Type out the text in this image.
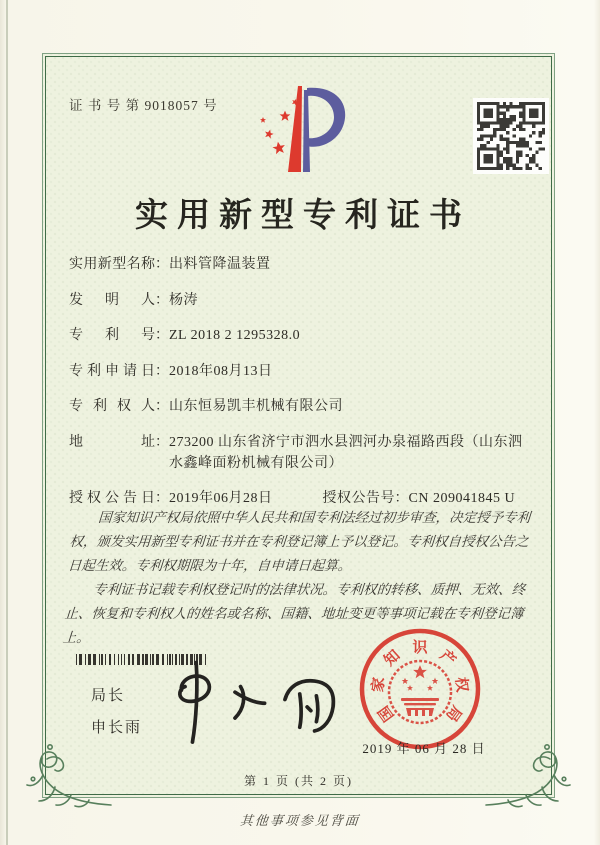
证 书 号 第 9018057 号
实用新型专利证书
实用新型名称 ： 出料管降温装置
发明人 ： 杨涛
专利号 ： ZL 2018 2 1295328.0
专利申请日 ： 2018年08月13日
专利权人 ： 山东恒易凯丰机械有限公司
地址 ： 273200 山东省济宁市泗水县泗河办泉福路西段（山东泗水鑫峰面粉机械有限公司）
授权公告日 ： 2019年06月28日	授权公告号 ： CN 209041845 U

国家知识产权局依照中华人民共和国专利法经过初步审查，决定授予专利权，颁发实用新型专利证书并在专利登记簿上予以登记。专利权自授权公告之日起生效。专利权期限为十年，自申请日起算。

专利证书记载专利权登记时的法律状况。专利权的转移、质押、无效、终止、恢复和专利权人的姓名或名称、国籍、地址变更等事项记载在专利登记簿上。

局长
申长雨
国
家
知 识 产
权
局
2019 年 06 月 28 日
第 1 页 (共 2 页)
其他事项参见背面
